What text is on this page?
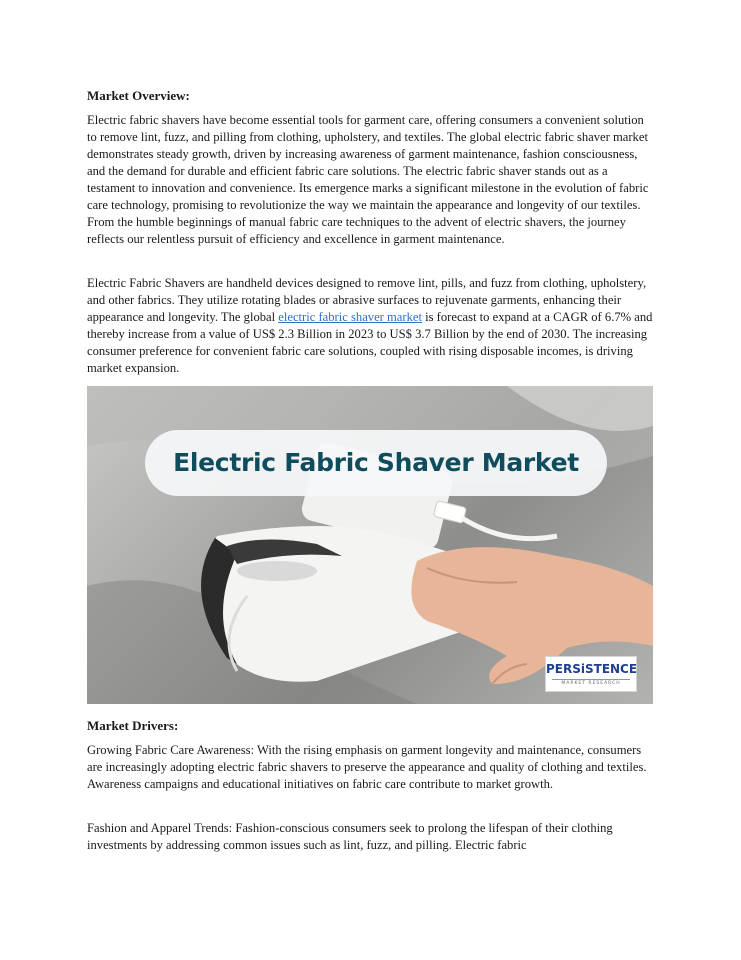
Market Overview:

Electric fabric shavers have become essential tools for garment care, offering consumers a convenient solution to remove lint, fuzz, and pilling from clothing, upholstery, and textiles. The global electric fabric shaver market demonstrates steady growth, driven by increasing awareness of garment maintenance, fashion consciousness, and the demand for durable and efficient fabric care solutions. The electric fabric shaver stands out as a testament to innovation and convenience. Its emergence marks a significant milestone in the evolution of fabric care technology, promising to revolutionize the way we maintain the appearance and longevity of our textiles. From the humble beginnings of manual fabric care techniques to the advent of electric shavers, the journey reflects our relentless pursuit of efficiency and excellence in garment maintenance.

Electric Fabric Shavers are handheld devices designed to remove lint, pills, and fuzz from clothing, upholstery, and other fabrics. They utilize rotating blades or abrasive surfaces to rejuvenate garments, enhancing their appearance and longevity. The global electric fabric shaver market is forecast to expand at a CAGR of 6.7% and thereby increase from a value of US$ 2.3 Billion in 2023 to US$ 3.7 Billion by the end of 2030. The increasing consumer preference for convenient fabric care solutions, coupled with rising disposable incomes, is driving market expansion.

Electric Fabric Shaver Market
PERSiSTENCE
MARKET RESEARCH
Market Drivers:

Growing Fabric Care Awareness: With the rising emphasis on garment longevity and maintenance, consumers are increasingly adopting electric fabric shavers to preserve the appearance and quality of clothing and textiles. Awareness campaigns and educational initiatives on fabric care contribute to market growth.

Fashion and Apparel Trends: Fashion-conscious consumers seek to prolong the lifespan of their clothing investments by addressing common issues such as lint, fuzz, and pilling. Electric fabric
